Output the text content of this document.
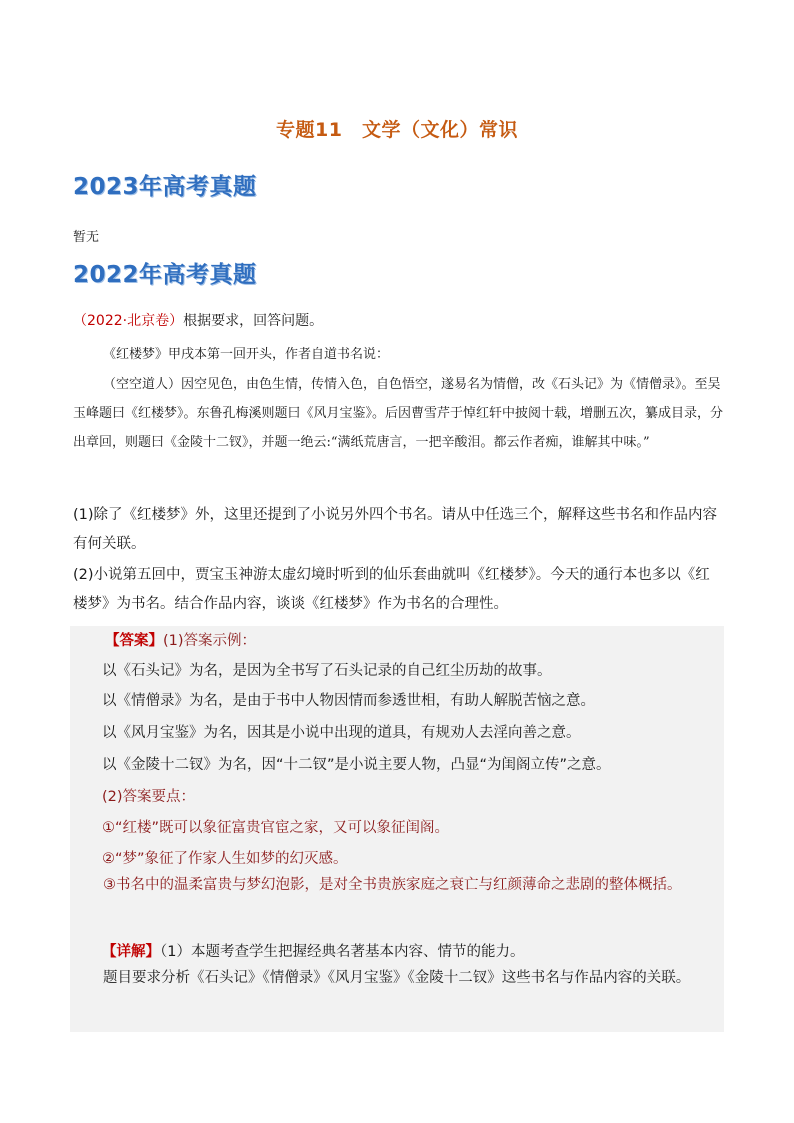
专题11　文学（文化）常识
2023年高考真题
暂无
2022年高考真题
（2022·北京卷）根据要求，回答问题。
《红楼梦》甲戌本第一回开头，作者自道书名说：
（空空道人）因空见色，由色生情，传情入色，自色悟空，遂易名为情僧，改《石头记》为《情僧录》。至吴玉峰题曰《红楼梦》。东鲁孔梅溪则题曰《风月宝鉴》。后因曹雪芹于悼红轩中披阅十载，增删五次，纂成目录，分出章回，则题曰《金陵十二钗》，并题一绝云:“满纸荒唐言，一把辛酸泪。都云作者痴，谁解其中味。”

(1)除了《红楼梦》外，这里还提到了小说另外四个书名。请从中任选三个，解释这些书名和作品内容有何关联。

(2)小说第五回中，贾宝玉神游太虚幻境时听到的仙乐套曲就叫《红楼梦》。今天的通行本也多以《红楼梦》为书名。结合作品内容，谈谈《红楼梦》作为书名的合理性。

【答案】(1)答案示例：
以《石头记》为名，是因为全书写了石头记录的自己红尘历劫的故事。
以《情僧录》为名，是由于书中人物因情而参透世相，有助人解脱苦恼之意。
以《风月宝鉴》为名，因其是小说中出现的道具，有规劝人去淫向善之意。
以《金陵十二钗》为名，因“十二钗”是小说主要人物，凸显“为闺阁立传”之意。
(2)答案要点：
①“红楼”既可以象征富贵官宦之家，又可以象征闺阁。
②“梦”象征了作家人生如梦的幻灭感。
③书名中的温柔富贵与梦幻泡影，是对全书贵族家庭之衰亡与红颜薄命之悲剧的整体概括。
【详解】（1）本题考查学生把握经典名著基本内容、情节的能力。
题目要求分析《石头记》《情僧录》《风月宝鉴》《金陵十二钗》这些书名与作品内容的关联。
